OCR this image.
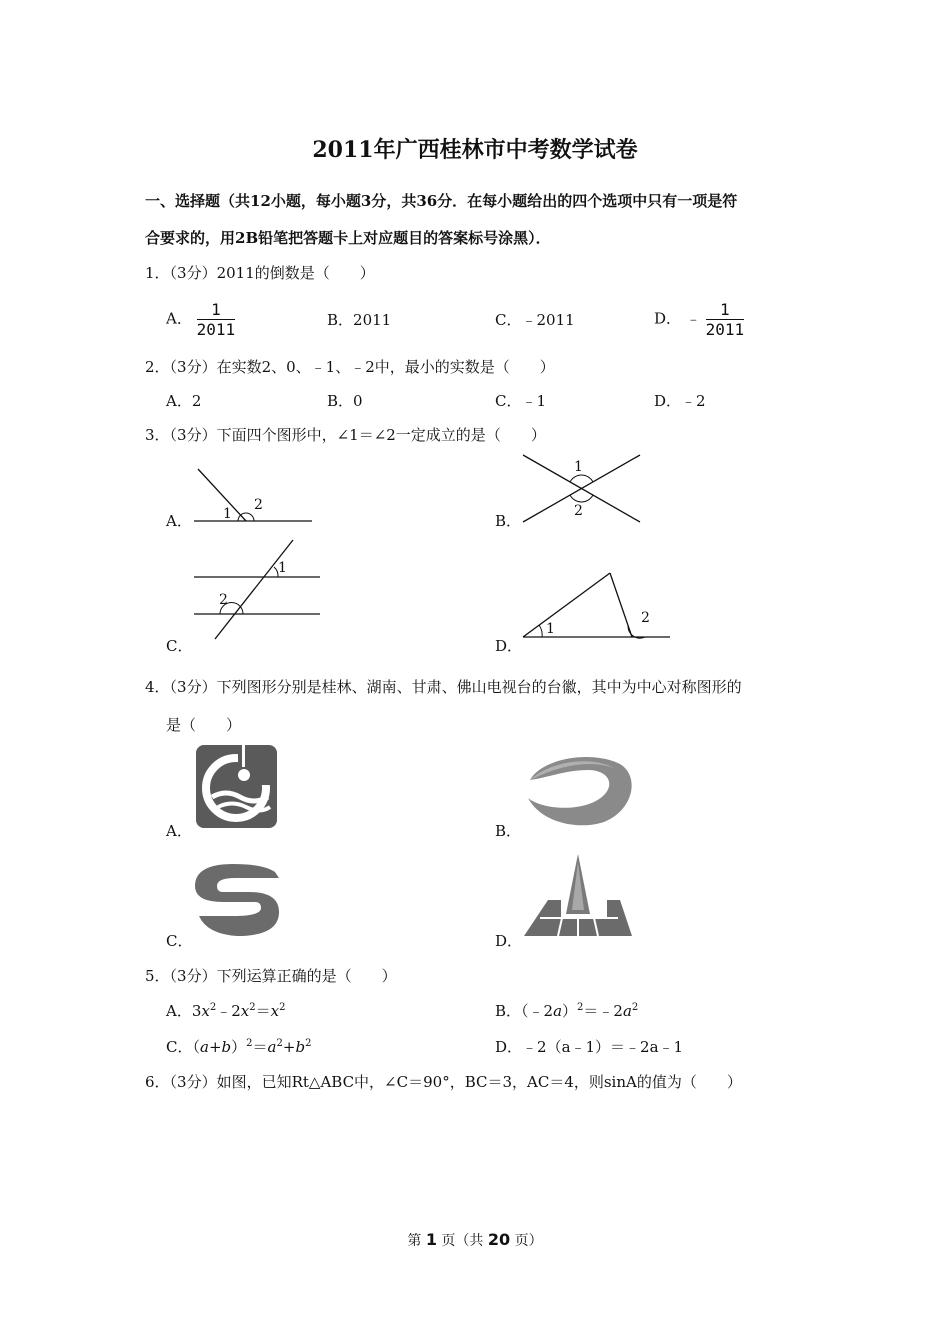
2011年广西桂林市中考数学试卷
一、选择题（共12小题，每小题3分，共36分．在每小题给出的四个选项中只有一项是符
合要求的，用2B铅笔把答题卡上对应题目的答案标号涂黑）．
1．（3分）2011的倒数是（　　）
A． $\frac{1}{2011}$	B．2011	C．﹣2011	D． ﹣ $\frac{1}{2011}$
2．（3分）在实数2、0、﹣1、﹣2中，最小的实数是（　　）
A．2	B．0	C．﹣1	D．﹣2
3．（3分）下面四个图形中，∠1＝∠2一定成立的是（　　）
A．	B．
C．	D．
1
2
1
2
1
2
1
2
4．（3分）下列图形分别是桂林、湖南、甘肃、佛山电视台的台徽，其中为中心对称图形的
是（　　）
A．	B．
C．	D．
5．（3分）下列运算正确的是（　　）
A．$3x^2﹣2x^2=x^2$	B．$(﹣2a)^2=﹣2a^2$
C．$(a+b)^2=a^2+b^2$	D．﹣2（a﹣1）＝﹣2a﹣1
6．（3分）如图，已知Rt△ABC中，∠C＝90°，BC＝3，AC＝4，则sinA的值为（　　）
第 1 页（共 20 页）
